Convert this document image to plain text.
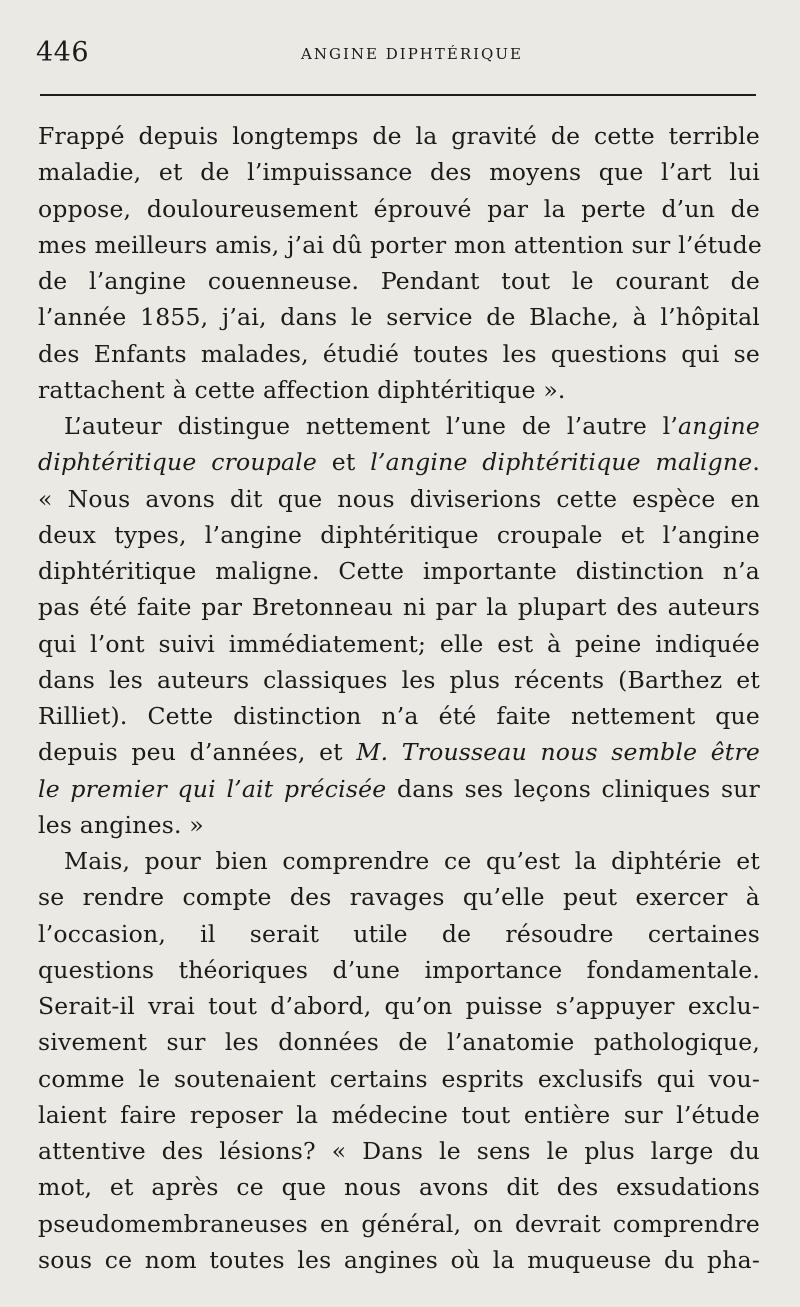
446	ANGINE DIPHTÉRIQUE
Frappé depuis longtemps de la gravité de cette terrible
maladie, et de l’impuissance des moyens que l’art lui
oppose, douloureusement éprouvé par la perte d’un de
mes meilleurs amis, j’ai dû porter mon attention sur l’étude
de l’angine couenneuse. Pendant tout le courant de
l’année 1855, j’ai, dans le service de Blache, à l’hôpital
des Enfants malades, étudié toutes les questions qui se
rattachent à cette affection diphtéritique ».
L’auteur distingue nettement l’une de l’autre l’angine
diphtéritique croupale et l’angine diphtéritique maligne.
« Nous avons dit que nous diviserions cette espèce en
deux types, l’angine diphtéritique croupale et l’angine
diphtéritique maligne. Cette importante distinction n’a
pas été faite par Bretonneau ni par la plupart des auteurs
qui l’ont suivi immédiatement; elle est à peine indiquée
dans les auteurs classiques les plus récents (Barthez et
Rilliet). Cette distinction n’a été faite nettement que
depuis peu d’années, et M. Trousseau nous semble être
le premier qui l’ait précisée dans ses leçons cliniques sur
les angines. »
Mais, pour bien comprendre ce qu’est la diphtérie et
se rendre compte des ravages qu’elle peut exercer à
l’occasion, il serait utile de résoudre certaines
questions théoriques d’une importance fondamentale.
Serait-il vrai tout d’abord, qu’on puisse s’appuyer exclu-
sivement sur les données de l’anatomie pathologique,
comme le soutenaient certains esprits exclusifs qui vou-
laient faire reposer la médecine tout entière sur l’étude
attentive des lésions? « Dans le sens le plus large du
mot, et après ce que nous avons dit des exsudations
pseudomembraneuses en général, on devrait comprendre
sous ce nom toutes les angines où la muqueuse du pha-
